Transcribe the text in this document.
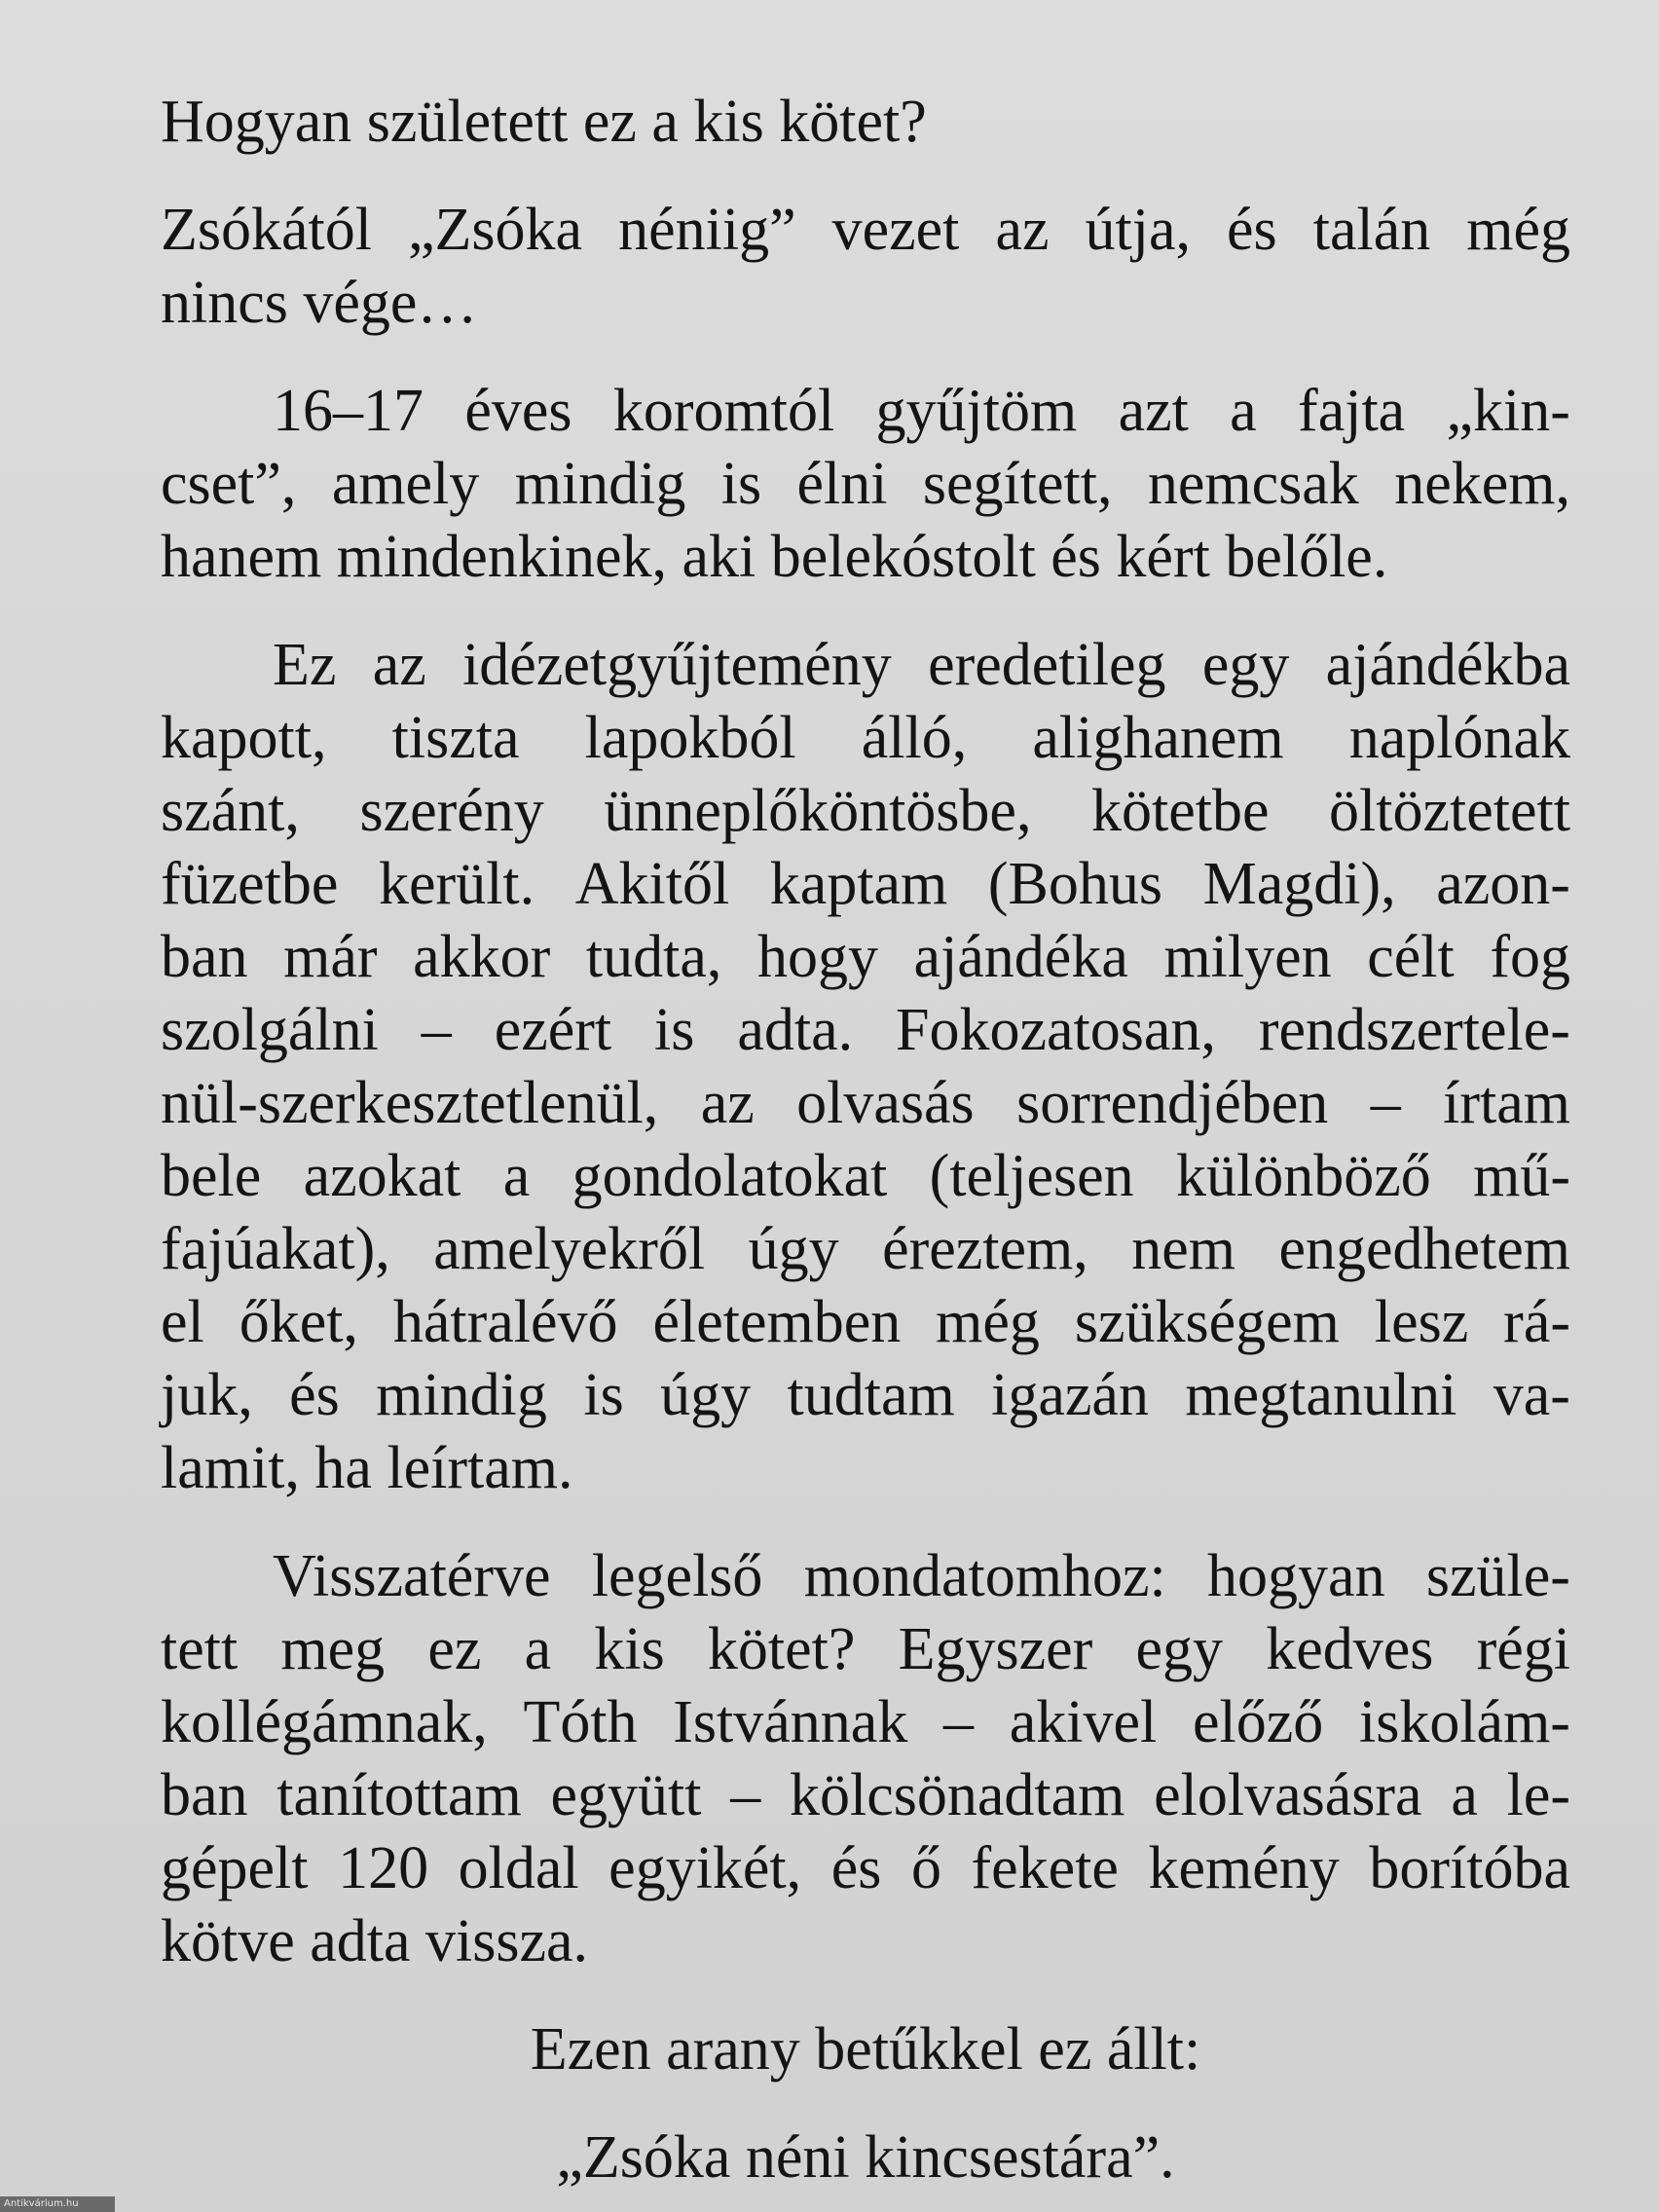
Hogyan született ez a kis kötet?
Zsókától „Zsóka néniig” vezet az útja, és talán még
nincs vége…
16–17 éves koromtól gyűjtöm azt a fajta „kin-
cset”, amely mindig is élni segített, nemcsak nekem,
hanem mindenkinek, aki belekóstolt és kért belőle.
Ez az idézetgyűjtemény eredetileg egy ajándékba
kapott, tiszta lapokból álló, alighanem naplónak
szánt, szerény ünneplőköntösbe, kötetbe öltöztetett
füzetbe került. Akitől kaptam (Bohus Magdi), azon-
ban már akkor tudta, hogy ajándéka milyen célt fog
szolgálni – ezért is adta. Fokozatosan, rendszertele-
nül-szerkesztetlenül, az olvasás sorrendjében – írtam
bele azokat a gondolatokat (teljesen különböző mű-
fajúakat), amelyekről úgy éreztem, nem engedhetem
el őket, hátralévő életemben még szükségem lesz rá-
juk, és mindig is úgy tudtam igazán megtanulni va-
lamit, ha leírtam.
Visszatérve legelső mondatomhoz: hogyan szüle-
tett meg ez a kis kötet? Egyszer egy kedves régi
kollégámnak, Tóth Istvánnak – akivel előző iskolám-
ban tanítottam együtt – kölcsönadtam elolvasásra a le-
gépelt 120 oldal egyikét, és ő fekete kemény borítóba
kötve adta vissza.
Ezen arany betűkkel ez állt:
„Zsóka néni kincsestára”.
Antikvárium.hu
